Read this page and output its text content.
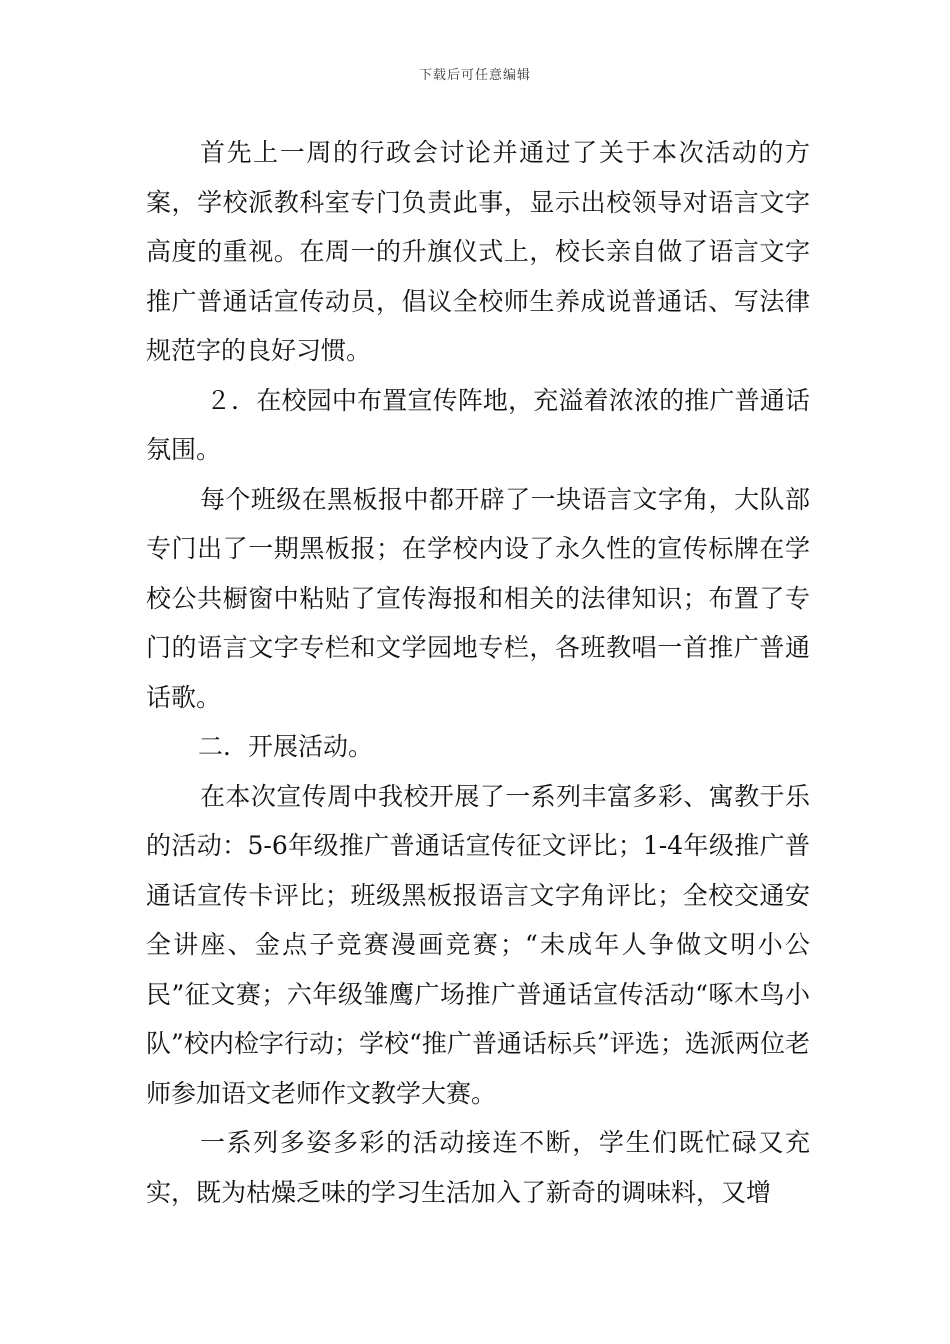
下载后可任意编辑

首先上一周的行政会讨论并通过了关于本次活动的方案，学校派教科室专门负责此事，显示出校领导对语言文字高度的重视。在周一的升旗仪式上，校长亲自做了语言文字推广普通话宣传动员，倡议全校师生养成说普通话、写法律规范字的良好习惯。

２．在校园中布置宣传阵地，充溢着浓浓的推广普通话氛围。

每个班级在黑板报中都开辟了一块语言文字角，大队部专门出了一期黑板报；在学校内设了永久性的宣传标牌在学校公共橱窗中粘贴了宣传海报和相关的法律知识；布置了专门的语言文字专栏和文学园地专栏，各班教唱一首推广普通话歌。

二．开展活动。

在本次宣传周中我校开展了一系列丰富多彩、寓教于乐的活动：5-6年级推广普通话宣传征文评比；1-4年级推广普通话宣传卡评比；班级黑板报语言文字角评比；全校交通安全讲座、金点子竞赛漫画竞赛；“未成年人争做文明小公民”征文赛；六年级雏鹰广场推广普通话宣传活动“啄木鸟小队”校内检字行动；学校“推广普通话标兵”评选；选派两位老师参加语文老师作文教学大赛。

一系列多姿多彩的活动接连不断，学生们既忙碌又充实，既为枯燥乏味的学习生活加入了新奇的调味料，又增
